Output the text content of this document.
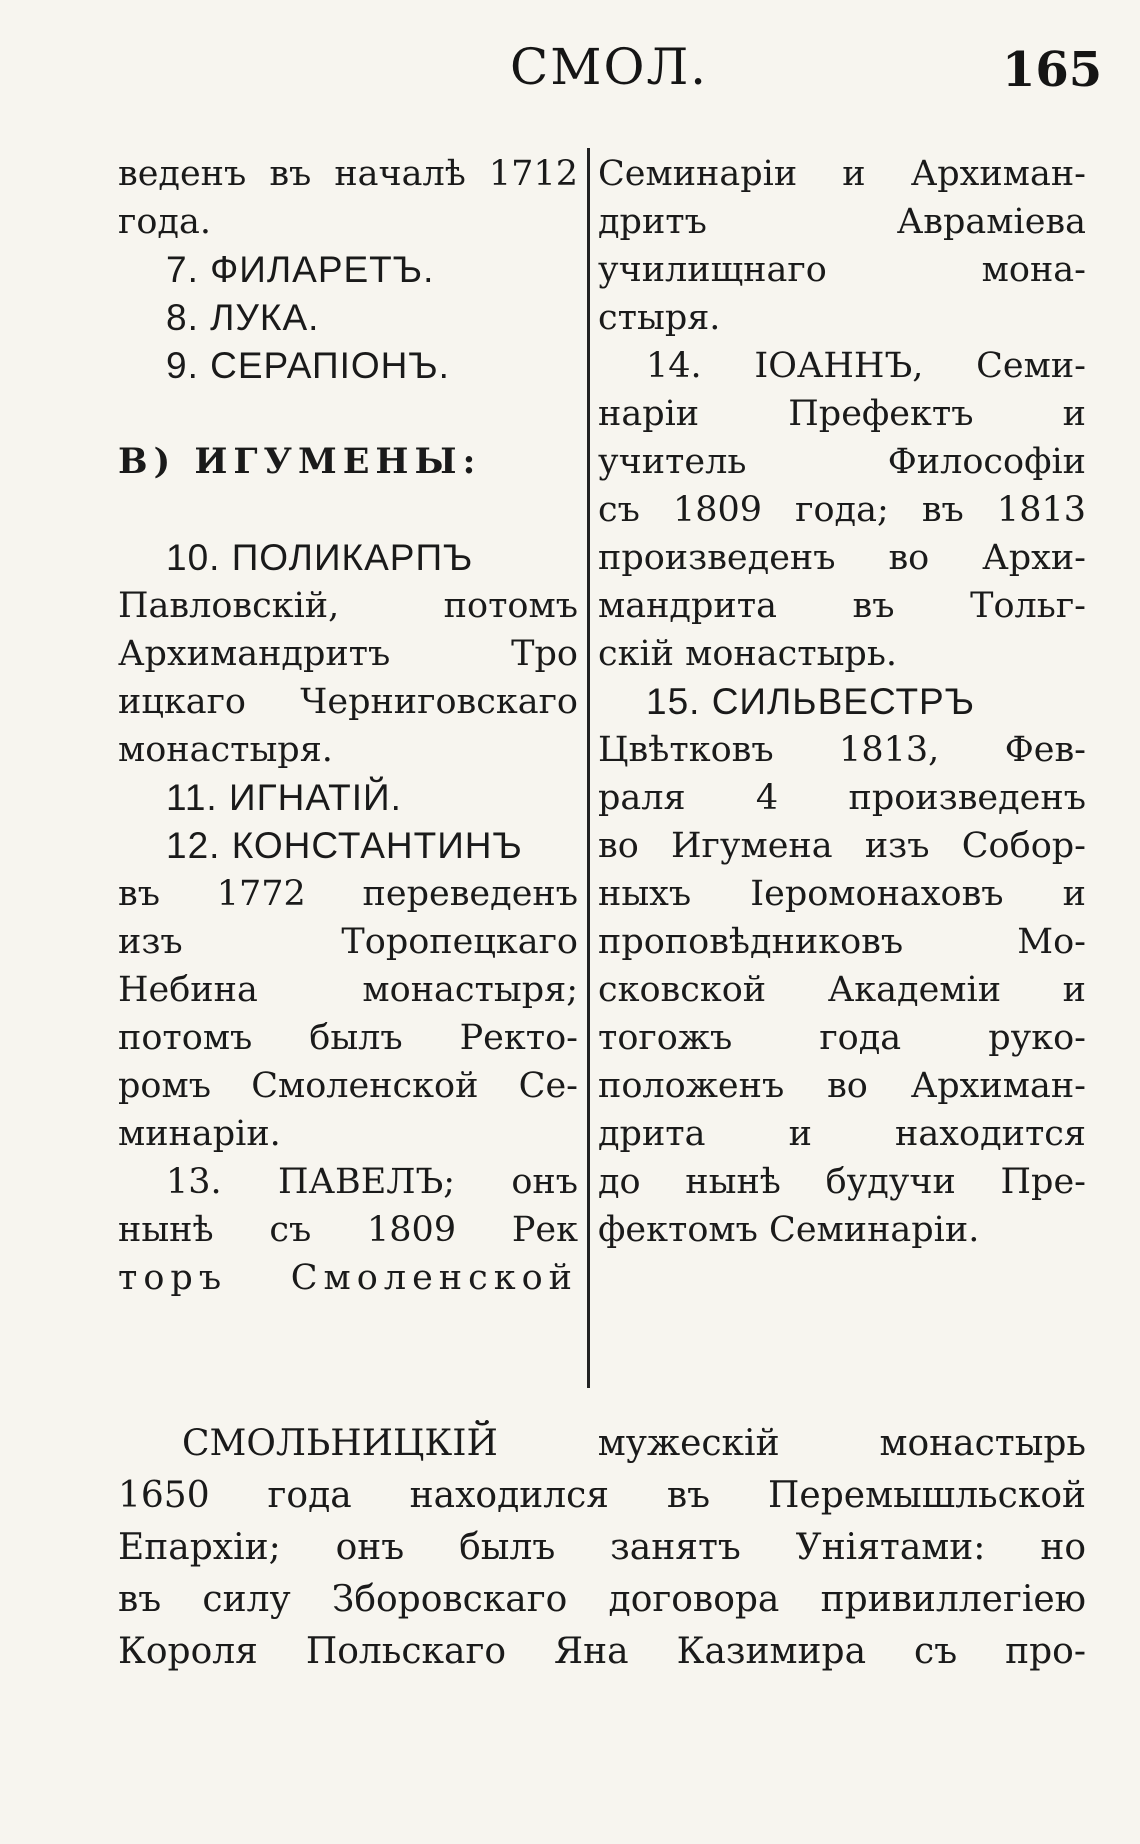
СМОЛ.	165
веденъ въ началѣ 1712
года.
7. ФИЛАРЕТЪ.
8. ЛУКА.
9. СЕРАПІОНЪ.
В) ИГУМЕНЫ:
10. ПОЛИКАРПЪ
Павловскій, потомъ
Архимандритъ Тро
ицкаго Черниговскаго
монастыря.
11. ИГНАТІЙ.
12. КОНСТАНТИНЪ
въ 1772 переведенъ
изъ Торопецкаго
Небина монастыря;
потомъ былъ Ректо-
ромъ Смоленской Се-
минаріи.
13. ПАВЕЛЪ; онъ
нынѣ съ 1809 Рек
торъ Смоленской
Семинаріи и Архиман-
дритъ Авраміева
училищнаго мона-
стыря.
14. ІОАННЪ, Семи-
наріи Префектъ и
учитель Философіи
съ 1809 года; въ 1813
произведенъ во Архи-
мандрита въ Тольг-
скій монастырь.
15. СИЛЬВЕСТРЪ
Цвѣтковъ 1813, Фев-
раля 4 произведенъ
во Игумена изъ Собор-
ныхъ Іеромонаховъ и
проповѣдниковъ Мо-
сковской Академіи и
тогожъ года руко-
положенъ во Архиман-
дрита и находится
до нынѣ будучи Пре-
фектомъ Семинаріи.
СМОЛЬНИЦКІЙ мужескій монастырь
1650 года находился въ Перемышльской
Епархіи; онъ былъ занятъ Уніятами: но
въ силу Зборовскаго договора привиллегіею
Короля Польскаго Яна Казимира съ про-
